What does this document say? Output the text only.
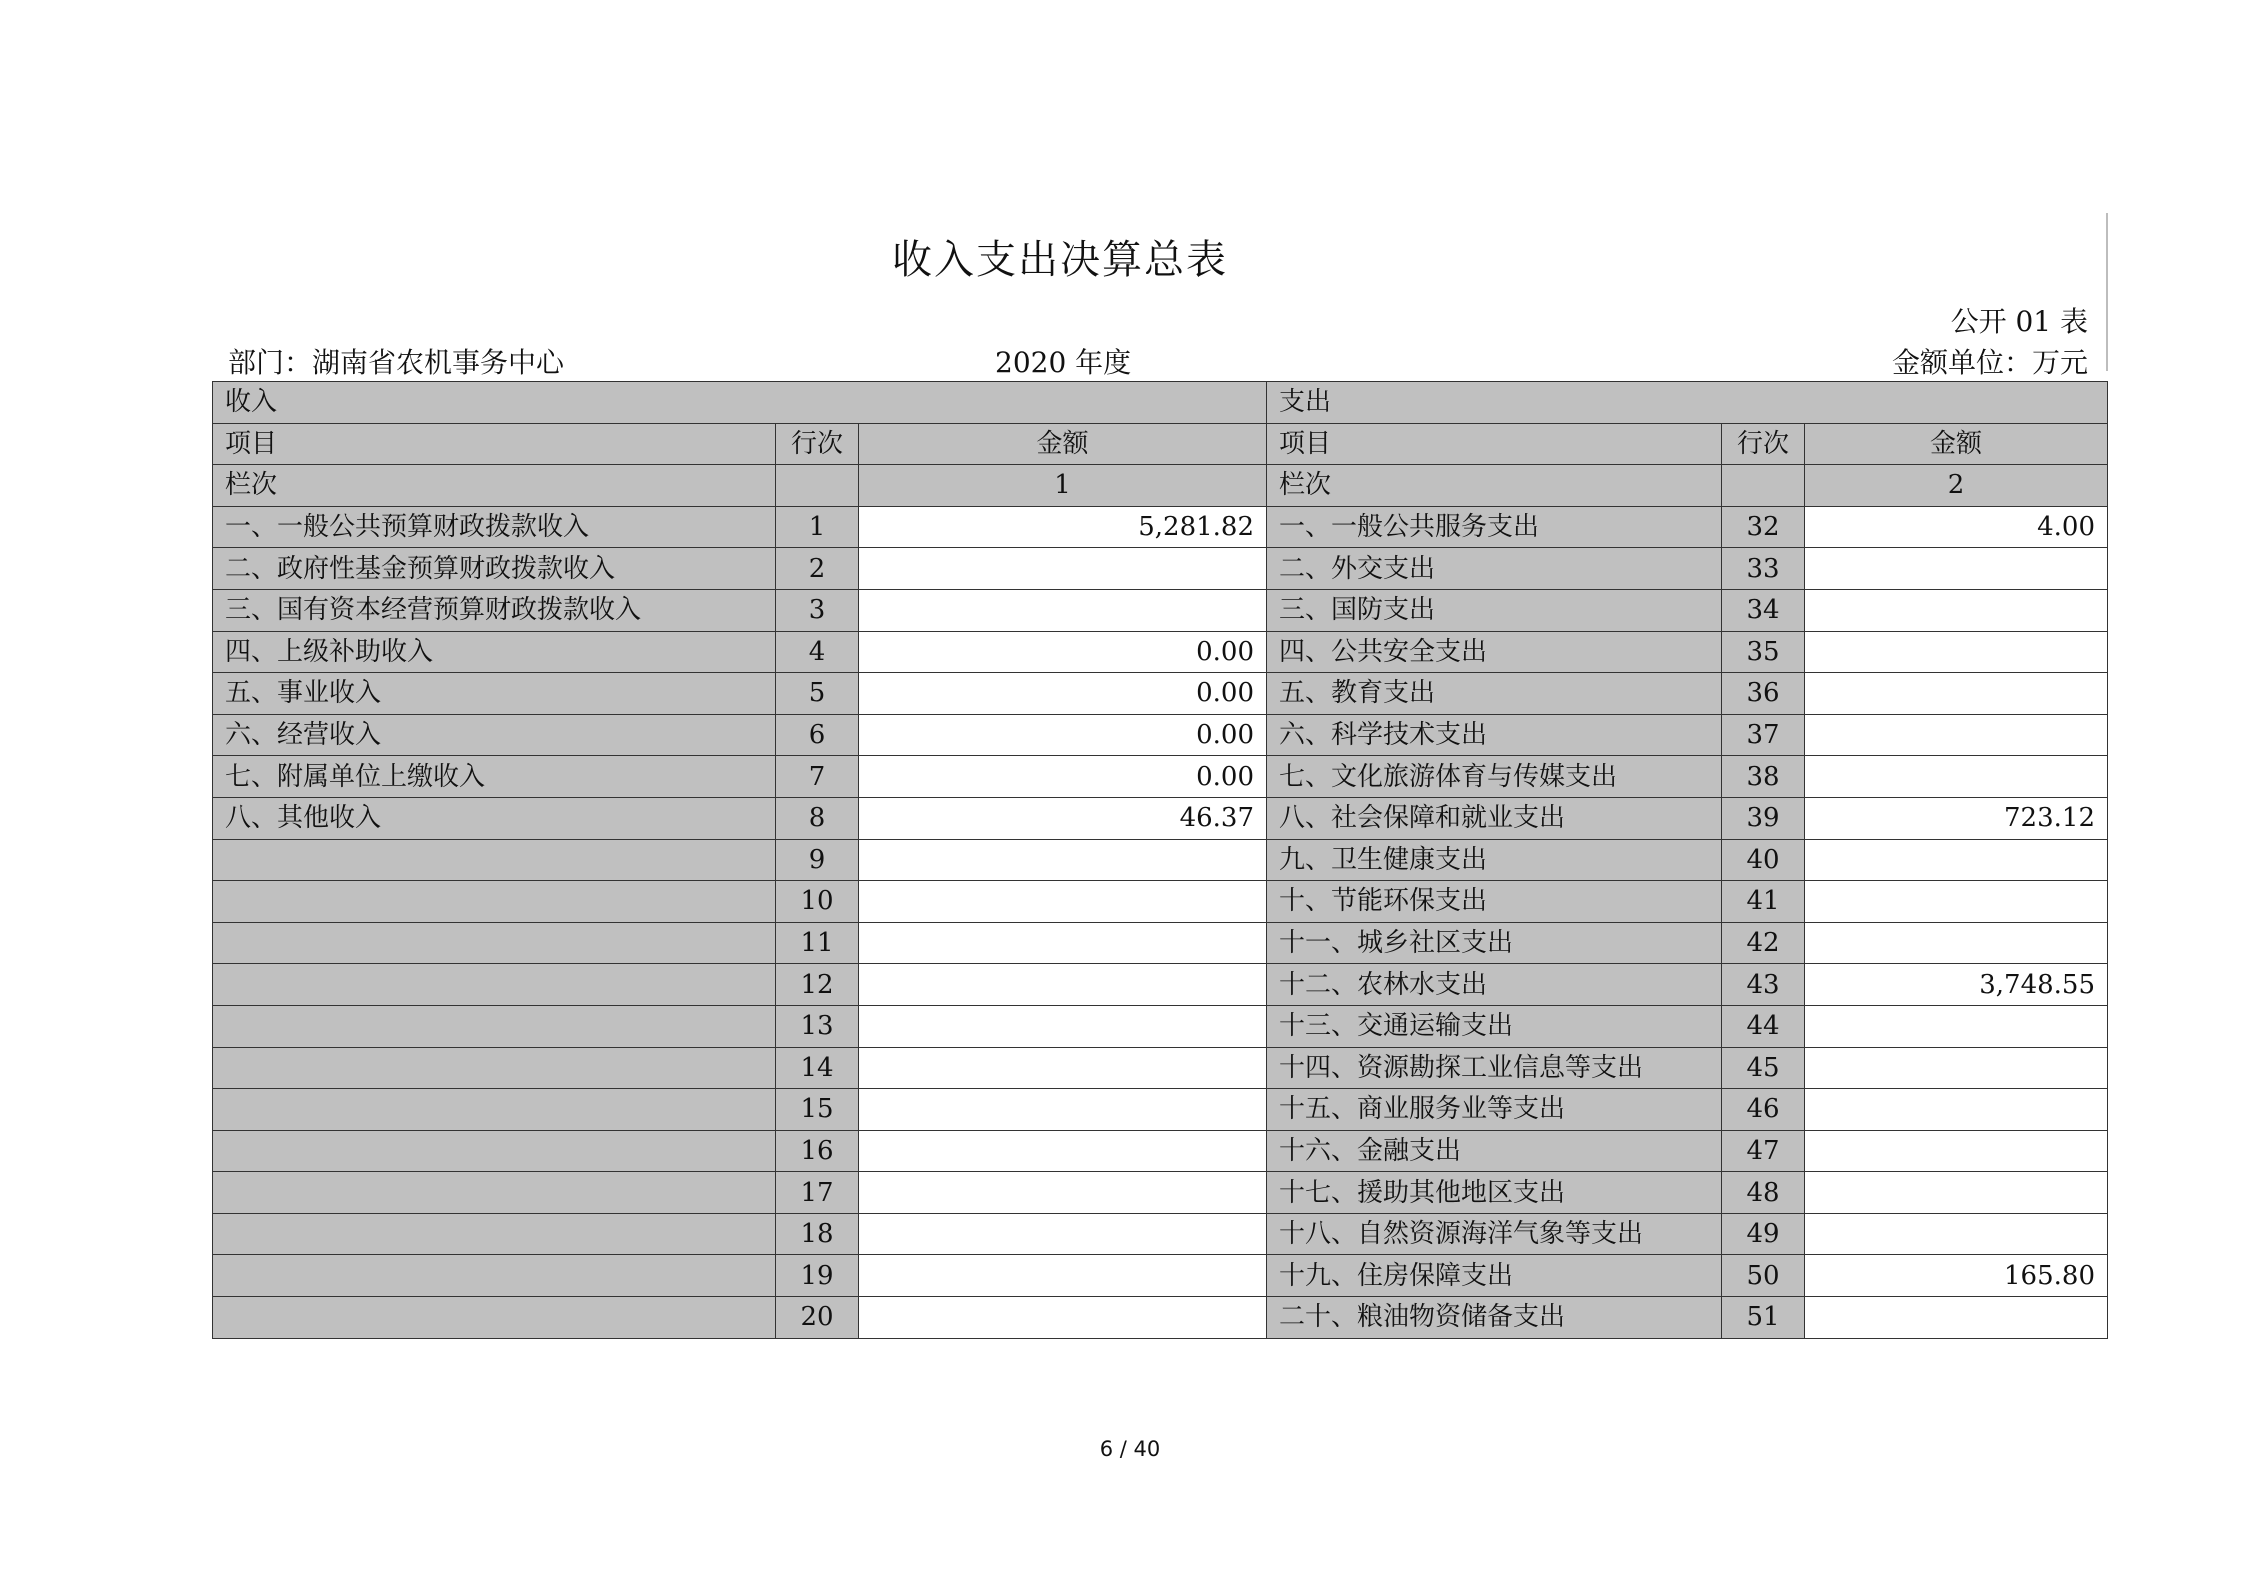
收入支出决算总表
公开 01 表
部门：湖南省农机事务中心	2020 年度	金额单位：万元
收入			支出		
项目	行次	金额	项目	行次	金额
栏次		1	栏次		2
一、一般公共预算财政拨款收入	1	5,281.82	一、一般公共服务支出	32	4.00
二、政府性基金预算财政拨款收入	2		二、外交支出	33	
三、国有资本经营预算财政拨款收入	3		三、国防支出	34	
四、上级补助收入	4	0.00	四、公共安全支出	35	
五、事业收入	5	0.00	五、教育支出	36	
六、经营收入	6	0.00	六、科学技术支出	37	
七、附属单位上缴收入	7	0.00	七、文化旅游体育与传媒支出	38	
八、其他收入	8	46.37	八、社会保障和就业支出	39	723.12
	9		九、卫生健康支出	40	
	10		十、节能环保支出	41	
	11		十一、城乡社区支出	42	
	12		十二、农林水支出	43	3,748.55
	13		十三、交通运输支出	44	
	14		十四、资源勘探工业信息等支出	45	
	15		十五、商业服务业等支出	46	
	16		十六、金融支出	47	
	17		十七、援助其他地区支出	48	
	18		十八、自然资源海洋气象等支出	49	
	19		十九、住房保障支出	50	165.80
	20		二十、粮油物资储备支出	51	
6 / 40
